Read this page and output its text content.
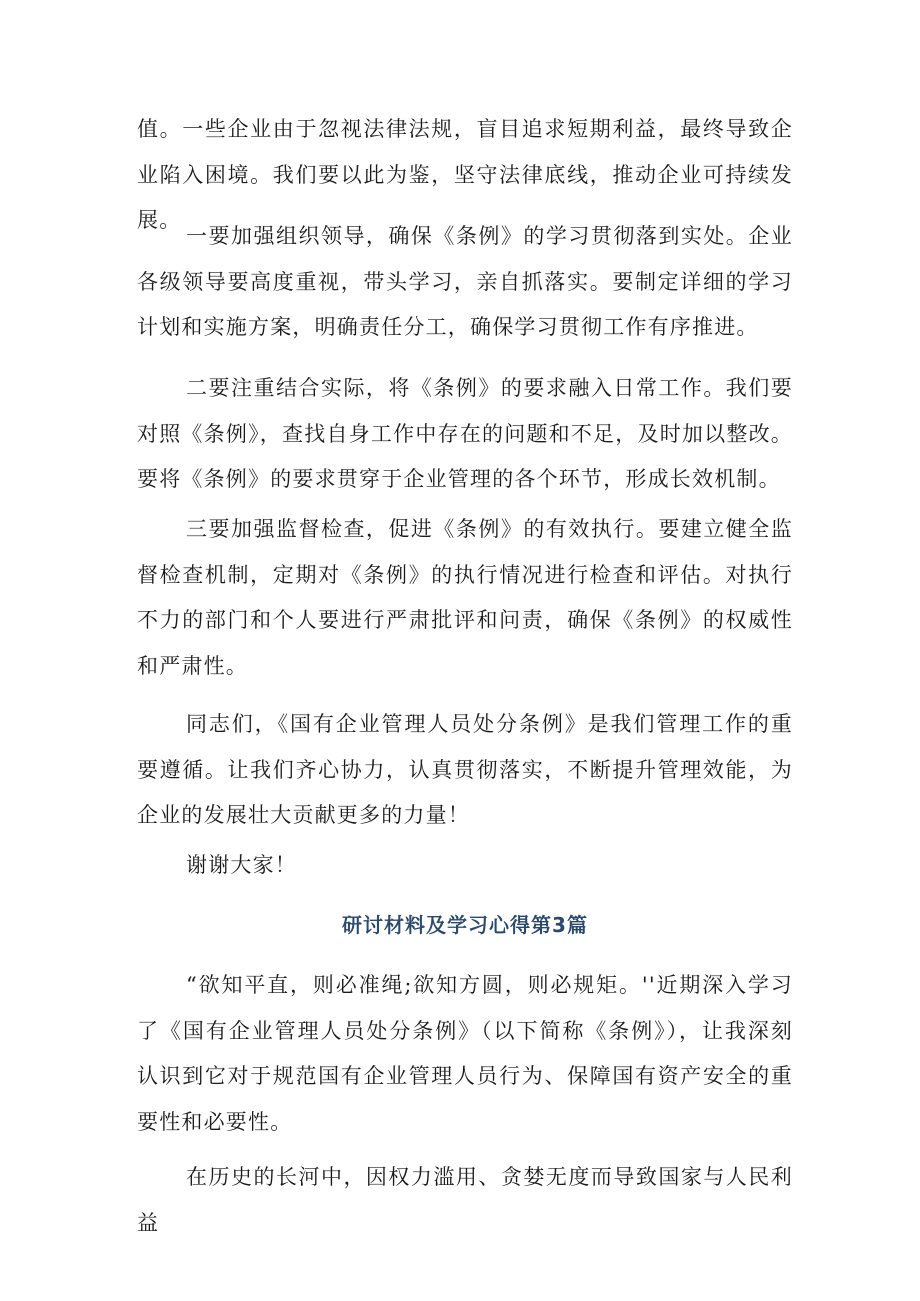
值。一些企业由于忽视法律法规，盲目追求短期利益，最终导致企业陷入困境。我们要以此为鉴，坚守法律底线，推动企业可持续发展。

一要加强组织领导，确保《条例》的学习贯彻落到实处。企业各级领导要高度重视，带头学习，亲自抓落实。要制定详细的学习计划和实施方案，明确责任分工，确保学习贯彻工作有序推进。

二要注重结合实际，将《条例》的要求融入日常工作。我们要对照《条例》，查找自身工作中存在的问题和不足，及时加以整改。要将《条例》的要求贯穿于企业管理的各个环节，形成长效机制。

三要加强监督检查，促进《条例》的有效执行。要建立健全监督检查机制，定期对《条例》的执行情况进行检查和评估。对执行不力的部门和个人要进行严肃批评和问责，确保《条例》的权威性和严肃性。

同志们，《国有企业管理人员处分条例》是我们管理工作的重要遵循。让我们齐心协力，认真贯彻落实，不断提升管理效能，为企业的发展壮大贡献更多的力量！

谢谢大家！

研讨材料及学习心得第3篇

“欲知平直，则必准绳;欲知方圆，则必规矩。''近期深入学习了《国有企业管理人员处分条例》（以下简称《条例》），让我深刻认识到它对于规范国有企业管理人员行为、保障国有资产安全的重要性和必要性。

在历史的长河中，因权力滥用、贪婪无度而导致国家与人民利益
